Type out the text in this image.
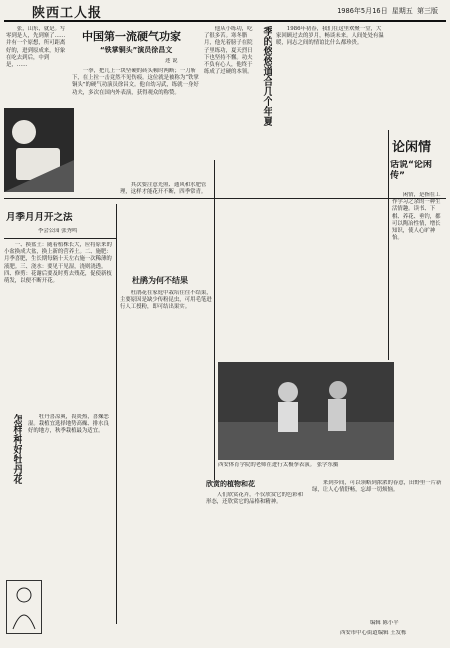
陕西工人报	1986年5月16日 星期五 第三版

张，山东，就是。写零到是人，先到寨了……并有一个原想，所可距离好的，进到原成来，好象在吃去到后，中到是，……

中国第一流硬气功家
“铁掌铜头”演员徐昌文
述 说

一拳，把几上一块坚硬的砖头顿时两断；一刀斩下，在上拉一击竟然不见伤痕。这位就是被称为“铁掌铜头”的硬气功演员徐昌文。他自幼习武，练就一身好功夫，多次在国内外表演，获得观众的称赞。

他从小练功，吃了很多苦。寒冬腊月，他光着膀子在院子里练功，夏天烈日下也坚持不懈。功夫不负有心人，他终于练成了过硬的本领。 季的悠悠道合几个年夏	1986年初春，我们在这里欢聚一堂，大家回顾过去的岁月，畅谈未来。人间处处有温暖，同志之间的情谊比什么都珍贵。

论闲情
话说“论闲传”

闲情，是指在工作学习之余的一种生活情趣。读书、下棋、养花、垂钓，都可以陶冶性情，增长知识，使人心旷神怡。

月季月月开之法
李会公园 张秀鸣

一、换盆土：随着植株长大，应将原来的小盆换成大盆，换上新的营养土。二、施肥：月季喜肥，生长期每隔十天左右施一次稀薄的液肥。三、浇水：要见干见湿，浇则浇透。四、修剪：花谢后要及时剪去残花，促使新枝萌发，以便不断开花。

其次要注意光照、通风和水肥管理，这样才能花开不断，四季常青。

杜鹃为何不结果

杜鹃花在家庭中栽培往往不结果，主要原因是缺少传粉昆虫，可用毛笔进行人工授粉，即可结出果实。

西安体育学院的老师在进行太极拳表演。 张学东摄

怎样种好牡丹花	牡丹喜凉爽，畏炎热，喜燥恶湿。栽植宜选择地势高燥、排水良好的地方，秋季栽植最为适宜。

欣赏的植物和花

人们欣赏花卉，不仅欣赏它的色彩和形态，还欣赏它的品格和精神。

来到乡间，可以领略到浓浓的春意，田野里一片新绿，让人心情舒畅，忘却一切烦恼。

编辑 陈小平
西安市中心街道编辑 王发栋
